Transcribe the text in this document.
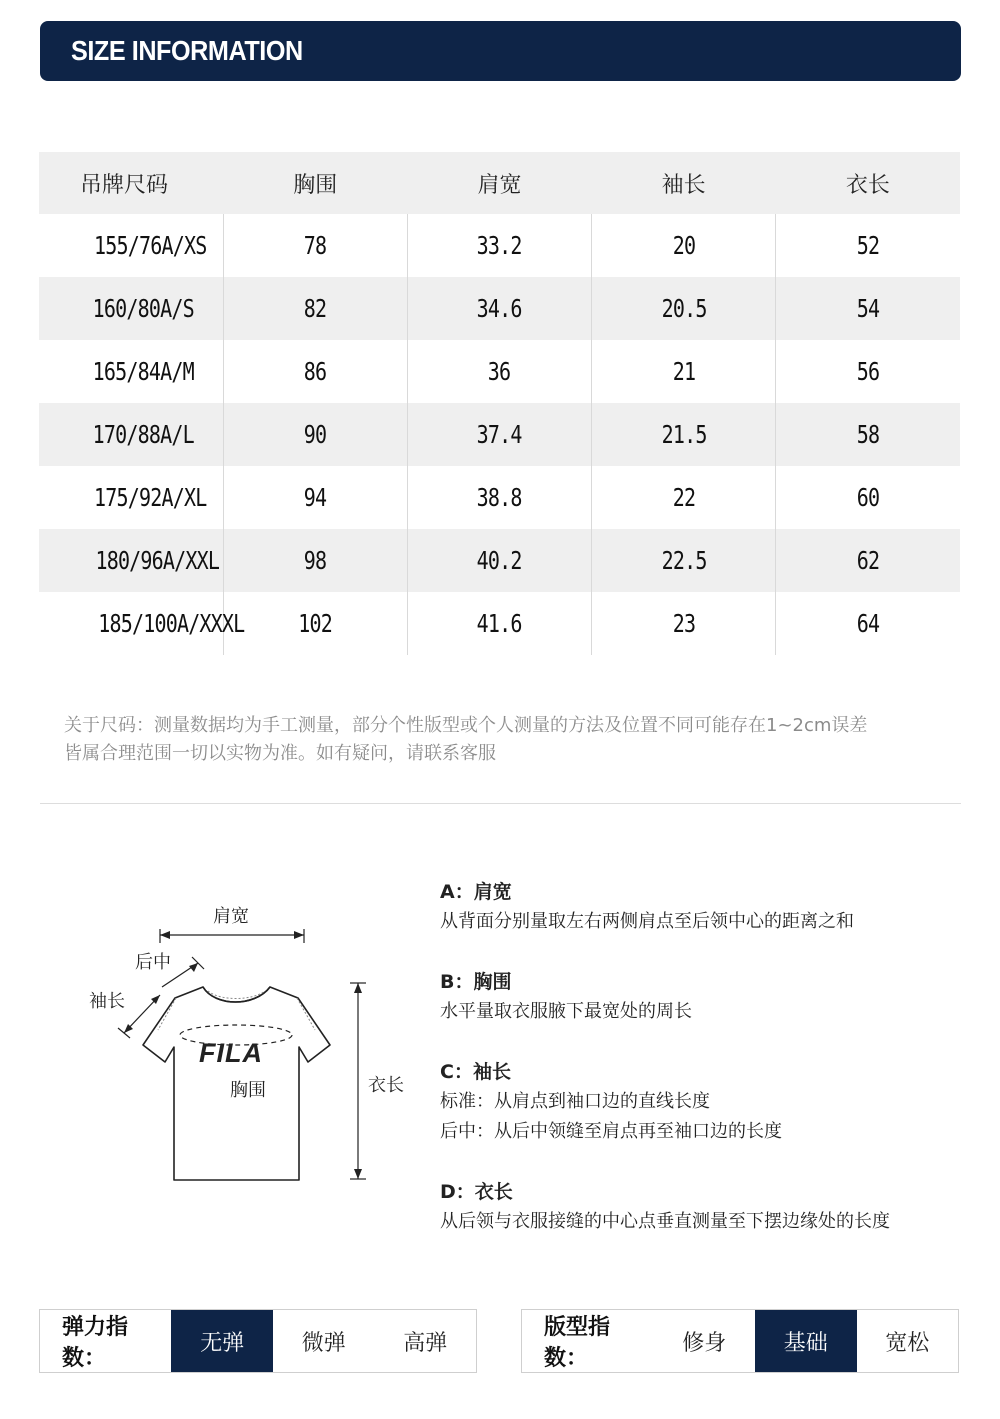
SIZE INFORMATION
吊牌尺码	胸围	肩宽	袖长	衣长
155/76A/XS	78	33.2	20	52
160/80A/S	82	34.6	20.5	54
165/84A/M	86	36	21	56
170/88A/L	90	37.4	21.5	58
175/92A/XL	94	38.8	22	60
180/96A/XXL	98	40.2	22.5	62
185/100A/XXXL	102	41.6	23	64
关于尺码：测量数据均为手工测量，部分个性版型或个人测量的方法及位置不同可能存在1~2cm误差
皆属合理范围一切以实物为准。如有疑问，请联系客服
肩宽
后中
袖长
FILA
胸围	衣长
A：肩宽
从背面分别量取左右两侧肩点至后领中心的距离之和
B：胸围
水平量取衣服腋下最宽处的周长
C：袖长
标准：从肩点到袖口边的直线长度
后中：从后中领缝至肩点再至袖口边的长度
D：衣长
从后领与衣服接缝的中心点垂直测量至下摆边缘处的长度
弹力指数：
无弹	微弹	高弹
版型指数：
修身	基础	宽松
